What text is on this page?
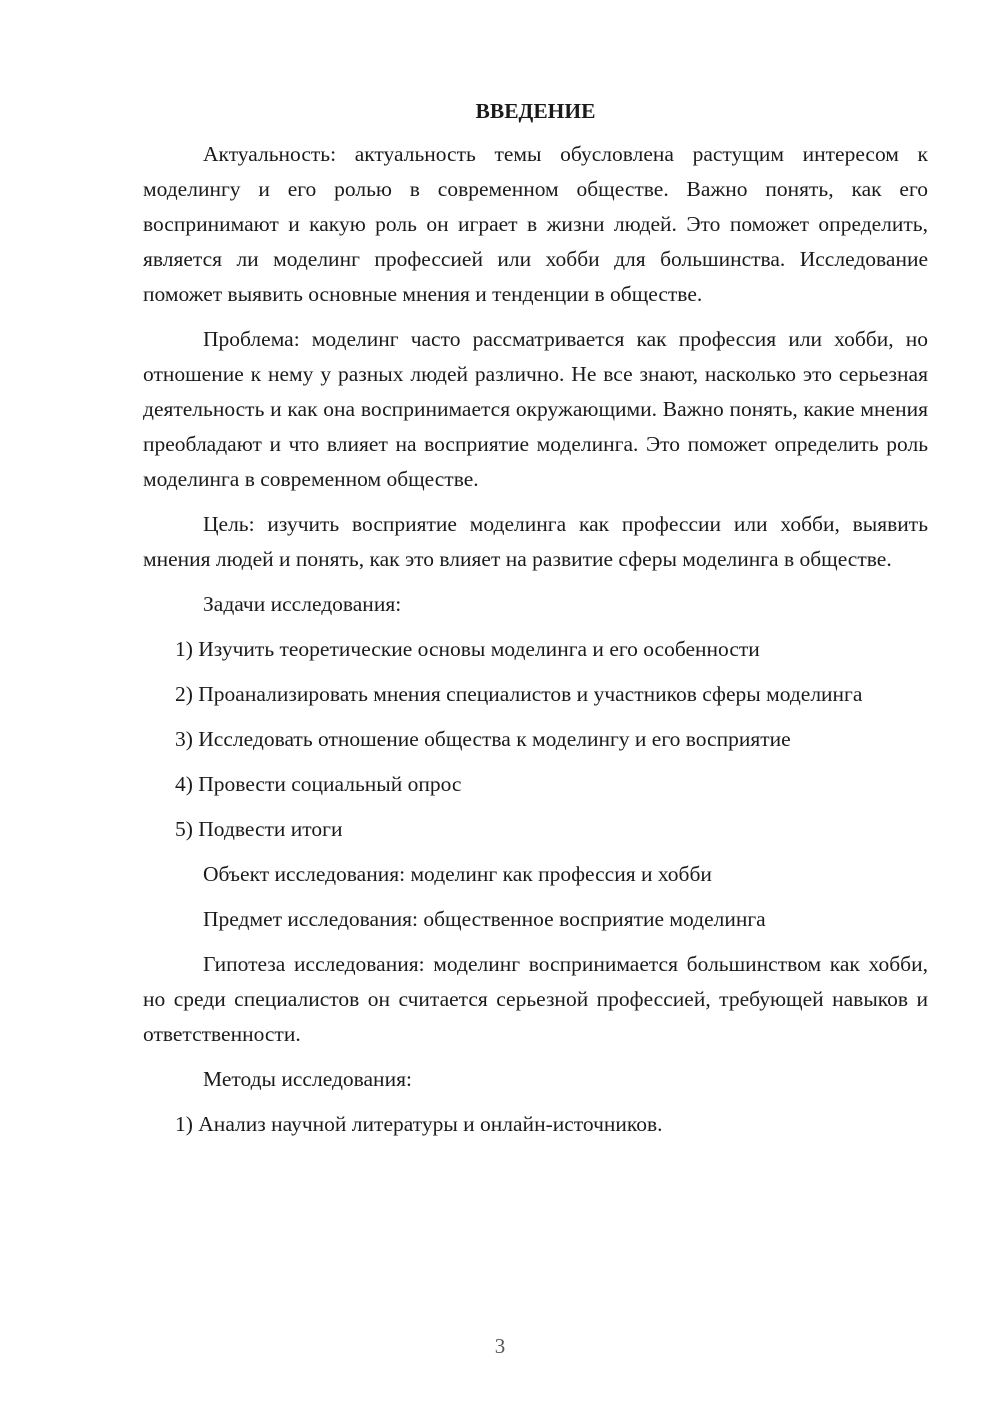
ВВЕДЕНИЕ

Актуальность: актуальность темы обусловлена растущим интересом к моделингу и его ролью в современном обществе. Важно понять, как его воспринимают и какую роль он играет в жизни людей. Это поможет определить, является ли моделинг профессией или хобби для большинства. Исследование поможет выявить основные мнения и тенденции в обществе.

Проблема: моделинг часто рассматривается как профессия или хобби, но отношение к нему у разных людей различно. Не все знают, насколько это серьезная деятельность и как она воспринимается окружающими. Важно понять, какие мнения преобладают и что влияет на восприятие моделинга. Это поможет определить роль моделинга в современном обществе.

Цель: изучить восприятие моделинга как профессии или хобби, выявить мнения людей и понять, как это влияет на развитие сферы моделинга в обществе.

Задачи исследования:

1) Изучить теоретические основы моделинга и его особенности

2) Проанализировать мнения специалистов и участников сферы моделинга

3) Исследовать отношение общества к моделингу и его восприятие

4) Провести социальный опрос

5) Подвести итоги

Объект исследования: моделинг как профессия и хобби

Предмет исследования: общественное восприятие моделинга

Гипотеза исследования: моделинг воспринимается большинством как хобби, но среди специалистов он считается серьезной профессией, требующей навыков и ответственности.

Методы исследования:

1) Анализ научной литературы и онлайн-источников.

3
